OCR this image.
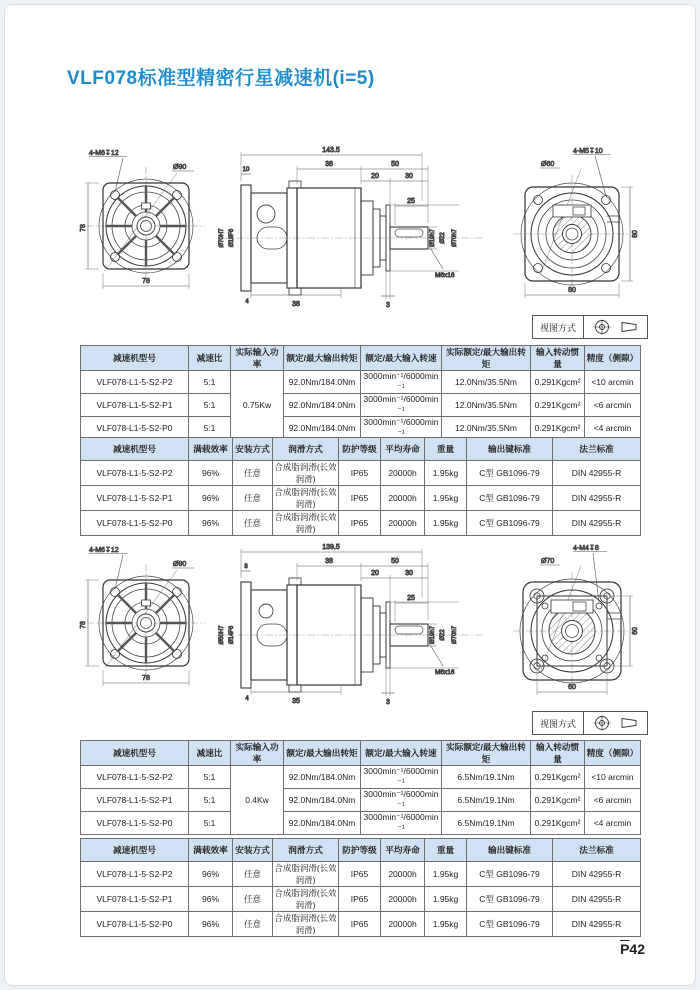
VLF078标准型精密行星减速机(i=5)
78
78
4-M6↧12
Ø90
143.5
38	50
20	30
25
10
4	38	3
Ø70H7 Ø19F6	Ø19h7 Ø22 Ø70h7
M6x16
4-M5↧10
Ø60
80
80
视图方式
减速机型号	减速比	实际输入功率	额定/最大输出转矩	额定/最大输入转速	实际额定/最大输出转矩	输入转动惯量	精度（侧隙）
VLF078-L1-5-S2-P2	5:1	0.75Kw	92.0Nm/184.0Nm	3000min⁻¹/6000min⁻¹	12.0Nm/35.5Nm	0.291Kgcm²	<10 arcmin
VLF078-L1-5-S2-P1	5:1		92.0Nm/184.0Nm	3000min⁻¹/6000min⁻¹	12.0Nm/35.5Nm	0.291Kgcm²	<6 arcmin
VLF078-L1-5-S2-P0	5:1		92.0Nm/184.0Nm	3000min⁻¹/6000min⁻¹	12.0Nm/35.5Nm	0.291Kgcm²	<4 arcmin
减速机型号	满载效率	安装方式	润滑方式	防护等级	平均寿命	重量	输出键标准	法兰标准
VLF078-L1-5-S2-P2	96%	任意	合成脂润滑(长效润滑)	IP65	20000h	1.95kg	C型 GB1096-79	DIN 42955-R
VLF078-L1-5-S2-P1	96%	任意	合成脂润滑(长效润滑)	IP65	20000h	1.95kg	C型 GB1096-79	DIN 42955-R
VLF078-L1-5-S2-P0	96%	任意	合成脂润滑(长效润滑)	IP65	20000h	1.95kg	C型 GB1096-79	DIN 42955-R
78
78
4-M6↧12
Ø90
139.5
38	50
20	30
25
8
4	35	3
Ø50H7 Ø14F6	Ø19h7 Ø22 Ø70h7
M6x16
4-M4↧8
Ø70
60
60
视图方式
减速机型号	减速比	实际输入功率	额定/最大输出转矩	额定/最大输入转速	实际额定/最大输出转矩	输入转动惯量	精度（侧隙）
VLF078-L1-5-S2-P2	5:1	0.4Kw	92.0Nm/184.0Nm	3000min⁻¹/6000min⁻¹	6.5Nm/19.1Nm	0.291Kgcm²	<10 arcmin
VLF078-L1-5-S2-P1	5:1		92.0Nm/184.0Nm	3000min⁻¹/6000min⁻¹	6.5Nm/19.1Nm	0.291Kgcm²	<6 arcmin
VLF078-L1-5-S2-P0	5:1		92.0Nm/184.0Nm	3000min⁻¹/6000min⁻¹	6.5Nm/19.1Nm	0.291Kgcm²	<4 arcmin
减速机型号	满载效率	安装方式	润滑方式	防护等级	平均寿命	重量	输出键标准	法兰标准
VLF078-L1-5-S2-P2	96%	任意	合成脂润滑(长效润滑)	IP65	20000h	1.95kg	C型 GB1096-79	DIN 42955-R
VLF078-L1-5-S2-P1	96%	任意	合成脂润滑(长效润滑)	IP65	20000h	1.95kg	C型 GB1096-79	DIN 42955-R
VLF078-L1-5-S2-P0	96%	任意	合成脂润滑(长效润滑)	IP65	20000h	1.95kg	C型 GB1096-79	DIN 42955-R
$\overline{P}42$
